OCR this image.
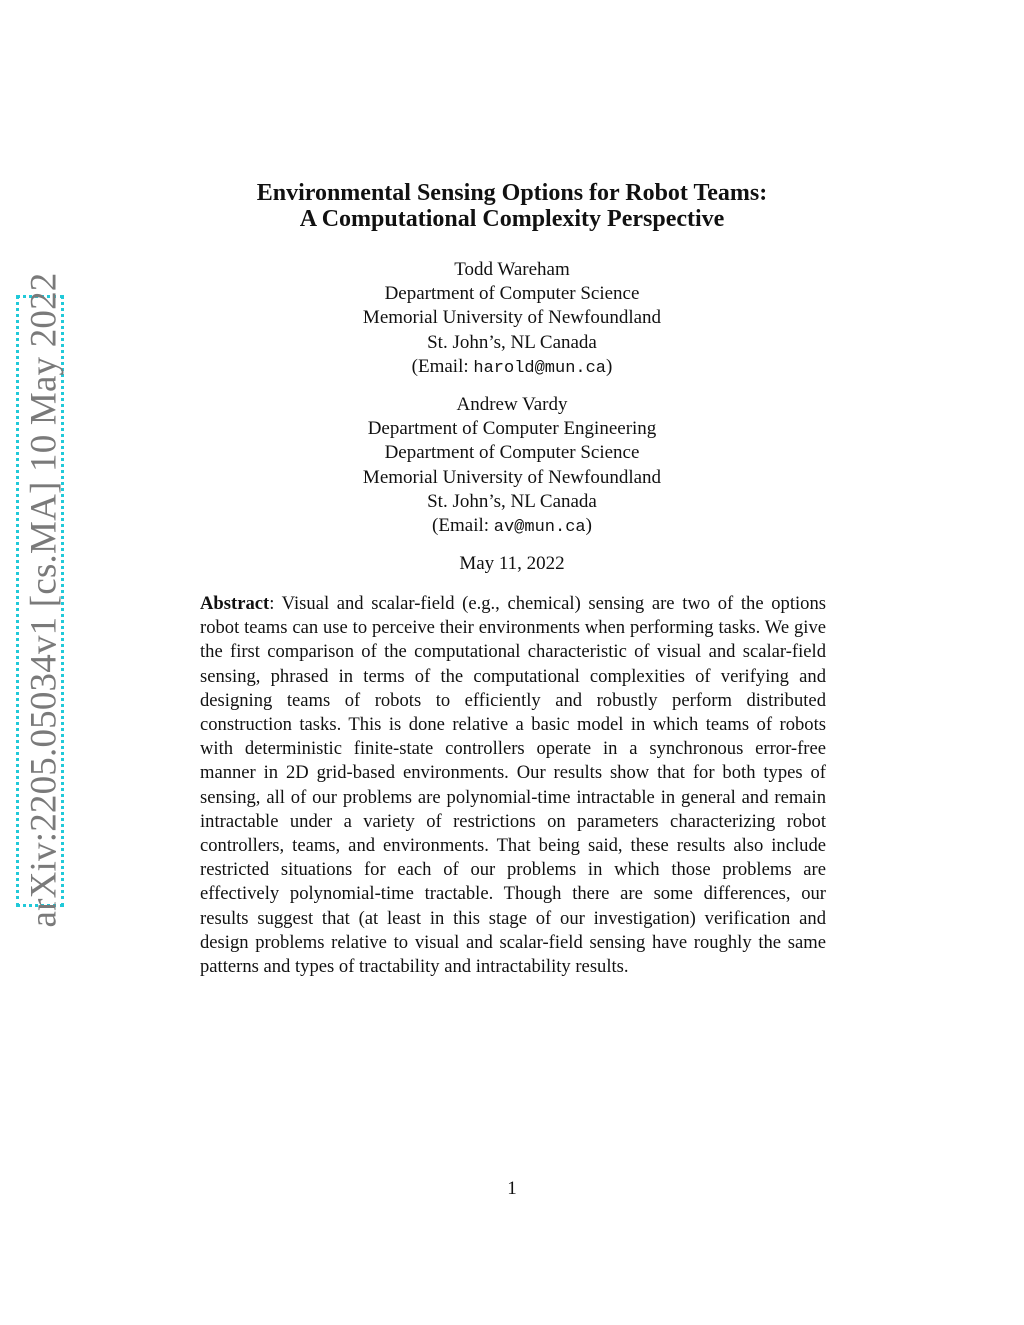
arXiv:2205.05034v1 [cs.MA] 10 May 2022
Environmental Sensing Options for Robot Teams:
A Computational Complexity Perspective
Todd Wareham
Department of Computer Science
Memorial University of Newfoundland
St. John’s, NL Canada
(Email: harold@mun.ca)
Andrew Vardy
Department of Computer Engineering
Department of Computer Science
Memorial University of Newfoundland
St. John’s, NL Canada
(Email: av@mun.ca)
May 11, 2022
Abstract: Visual and scalar-field (e.g., chemical) sensing are two of the options robot teams can use to perceive their environments when performing tasks. We give the first comparison of the computational characteristic of visual and scalar-field sensing, phrased in terms of the computational complexities of verifying and designing teams of robots to efficiently and robustly perform distributed construction tasks. This is done relative a basic model in which teams of robots with deterministic finite-state controllers operate in a synchronous error-free manner in 2D grid-based environments. Our results show that for both types of sensing, all of our problems are polynomial-time intractable in general and remain intractable under a variety of restrictions on parameters characterizing robot controllers, teams, and environments. That being said, these results also include restricted situations for each of our problems in which those problems are effectively polynomial-time tractable. Though there are some differences, our results suggest that (at least in this stage of our investigation) verification and design problems relative to visual and scalar-field sensing have roughly the same patterns and types of tractability and intractability results.
1
